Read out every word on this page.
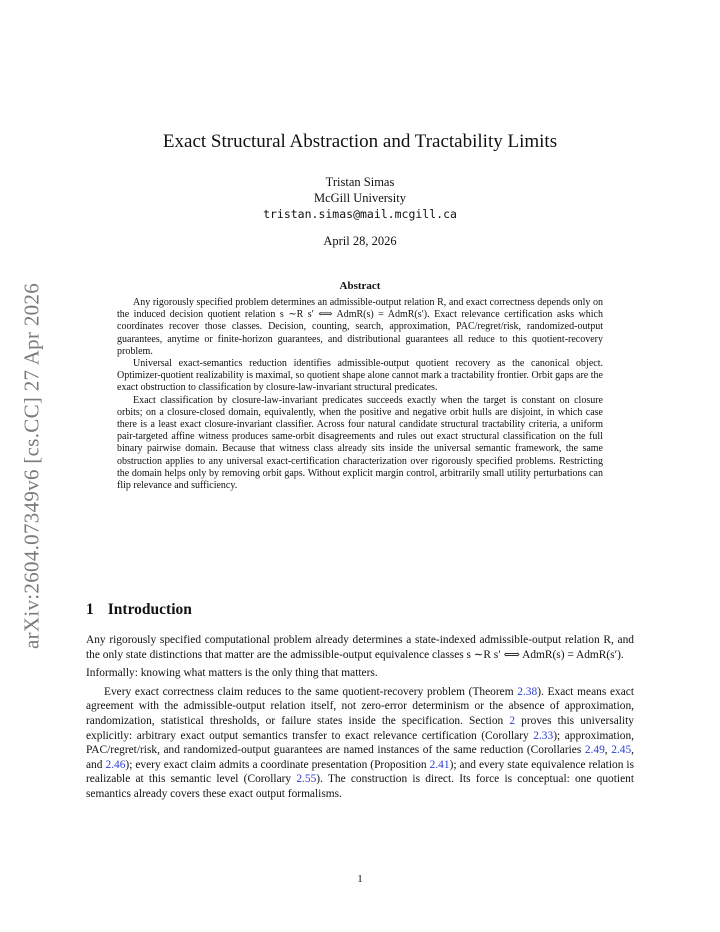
arXiv:2604.07349v6 [cs.CC] 27 Apr 2026
Exact Structural Abstraction and Tractability Limits
Tristan Simas
McGill University
tristan.simas@mail.mcgill.ca
April 28, 2026
Abstract

Any rigorously specified problem determines an admissible-output relation R, and exact correctness depends only on the induced decision quotient relation s ∼R s′ ⟺ AdmR(s) = AdmR(s′). Exact relevance certification asks which coordinates recover those classes. Decision, counting, search, approximation, PAC/regret/risk, randomized-output guarantees, anytime or finite-horizon guarantees, and distributional guarantees all reduce to this quotient-recovery problem.

Universal exact-semantics reduction identifies admissible-output quotient recovery as the canonical object. Optimizer-quotient realizability is maximal, so quotient shape alone cannot mark a tractability frontier. Orbit gaps are the exact obstruction to classification by closure-law-invariant structural predicates.

Exact classification by closure-law-invariant predicates succeeds exactly when the target is constant on closure orbits; on a closure-closed domain, equivalently, when the positive and negative orbit hulls are disjoint, in which case there is a least exact closure-invariant classifier. Across four natural candidate structural tractability criteria, a uniform pair-targeted affine witness produces same-orbit disagreements and rules out exact structural classification on the full binary pairwise domain. Because that witness class already sits inside the universal semantic framework, the same obstruction applies to any universal exact-certification characterization over rigorously specified problems. Restricting the domain helps only by removing orbit gaps. Without explicit margin control, arbitrarily small utility perturbations can flip relevance and sufficiency.

1 Introduction

Any rigorously specified computational problem already determines a state-indexed admissible-output relation R, and the only state distinctions that matter are the admissible-output equivalence classes s ∼R s′ ⟺ AdmR(s) = AdmR(s′).

Informally: knowing what matters is the only thing that matters.

Every exact correctness claim reduces to the same quotient-recovery problem (Theorem 2.38). Exact means exact agreement with the admissible-output relation itself, not zero-error determinism or the absence of approximation, randomization, statistical thresholds, or failure states inside the specification. Section 2 proves this universality explicitly: arbitrary exact output semantics transfer to exact relevance certification (Corollary 2.33); approximation, PAC/regret/risk, and randomized-output guarantees are named instances of the same reduction (Corollaries 2.49, 2.45, and 2.46); every exact claim admits a coordinate presentation (Proposition 2.41); and every state equivalence relation is realizable at this semantic level (Corollary 2.55). The construction is direct. Its force is conceptual: one quotient semantics already covers these exact output formalisms.

1
